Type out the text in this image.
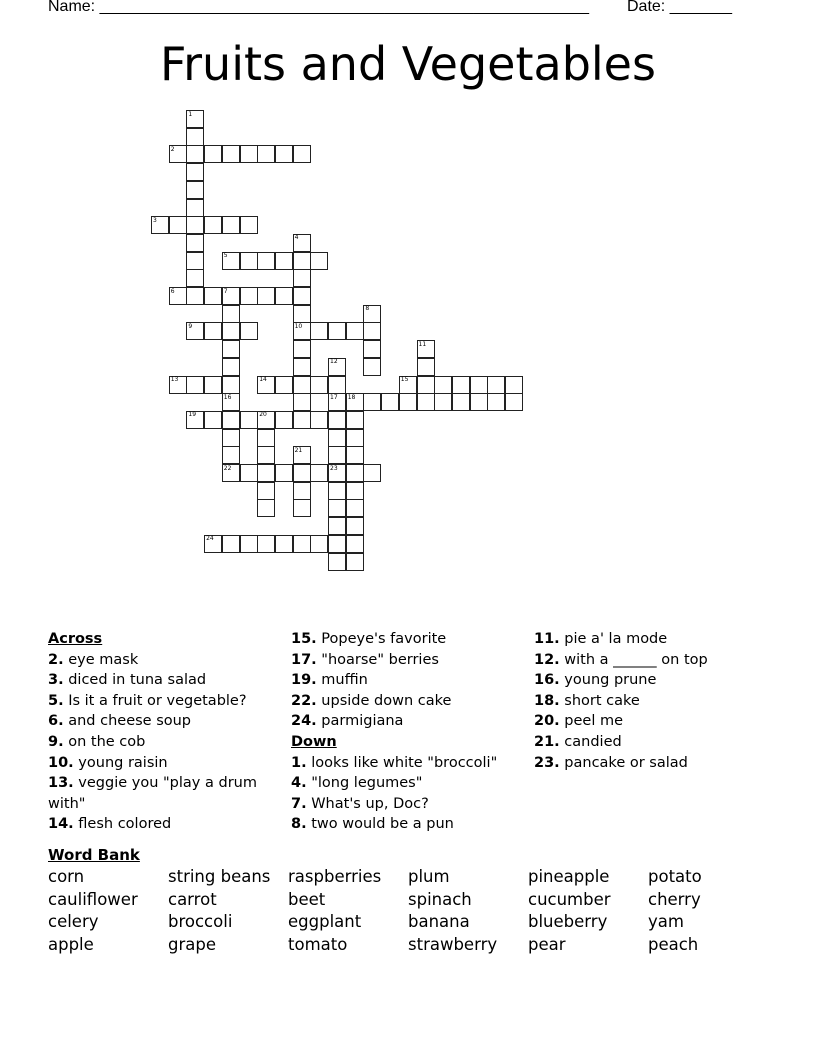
Name: _______________________________________________________ Date: _______
Fruits and Vegetables
1
2
3
4
10
5
6	7
8
9
11
12
17
13	14	15
16	18
19	20
21
22	23
24
Across
2. eye mask
3. diced in tuna salad
5. Is it a fruit or vegetable?
6. and cheese soup
9. on the cob
10. young raisin
13. veggie you "play a drum with"
14. flesh colored
15. Popeye's favorite
17. "hoarse" berries
19. muffin
22. upside down cake
24. parmigiana
Down
1. looks like white "broccoli"
4. "long legumes"
7. What's up, Doc?
8. two would be a pun
11. pie a' la mode
12. with a ______ on top
16. young prune
18. short cake
20. peel me
21. candied
23. pancake or salad
Word Bank
corn	string beans	raspberries	plum	pineapple	potato
cauliflower	carrot	beet	spinach	cucumber	cherry
celery	broccoli	eggplant	banana	blueberry	yam
apple	grape	tomato	strawberry	pear	peach
